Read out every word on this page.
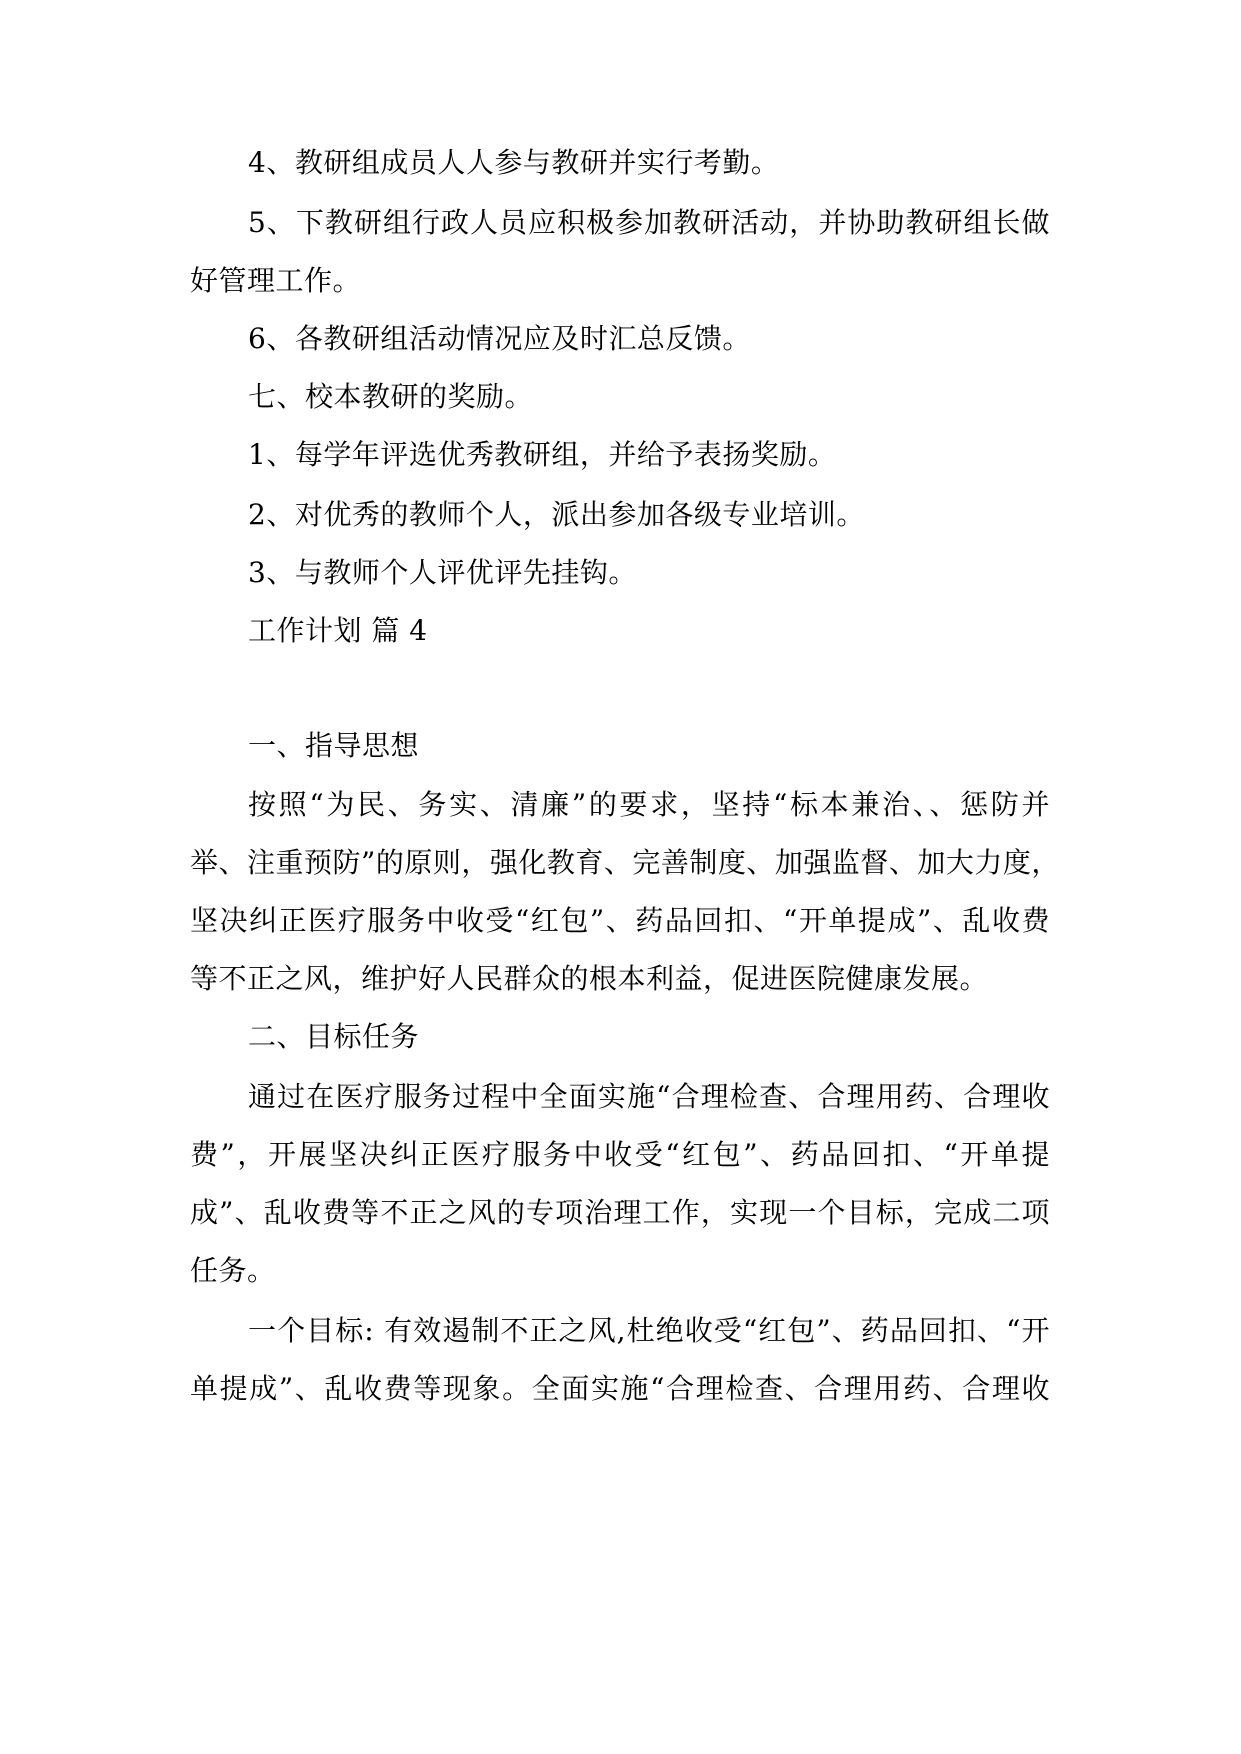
4、教研组成员人人参与教研并实行考勤。

5、下教研组行政人员应积极参加教研活动，并协助教研组长做

好管理工作。

6、各教研组活动情况应及时汇总反馈。

七、校本教研的奖励。

1、每学年评选优秀教研组，并给予表扬奖励。

2、对优秀的教师个人，派出参加各级专业培训。

3、与教师个人评优评先挂钩。

工作计划 篇 4

一、指导思想

按照“为民、务实、清廉”的要求，坚持“标本兼治、、惩防并

举、注重预防”的原则，强化教育、完善制度、加强监督、加大力度，

坚决纠正医疗服务中收受“红包”、药品回扣、“开单提成”、乱收费

等不正之风，维护好人民群众的根本利益，促进医院健康发展。

二、目标任务

通过在医疗服务过程中全面实施“合理检查、合理用药、合理收

费”，开展坚决纠正医疗服务中收受“红包”、药品回扣、“开单提

成”、乱收费等不正之风的专项治理工作，实现一个目标，完成二项

任务。

一个目标: 有效遏制不正之风,杜绝收受“红包”、药品回扣、“开

单提成”、乱收费等现象。全面实施“合理检查、合理用药、合理收
